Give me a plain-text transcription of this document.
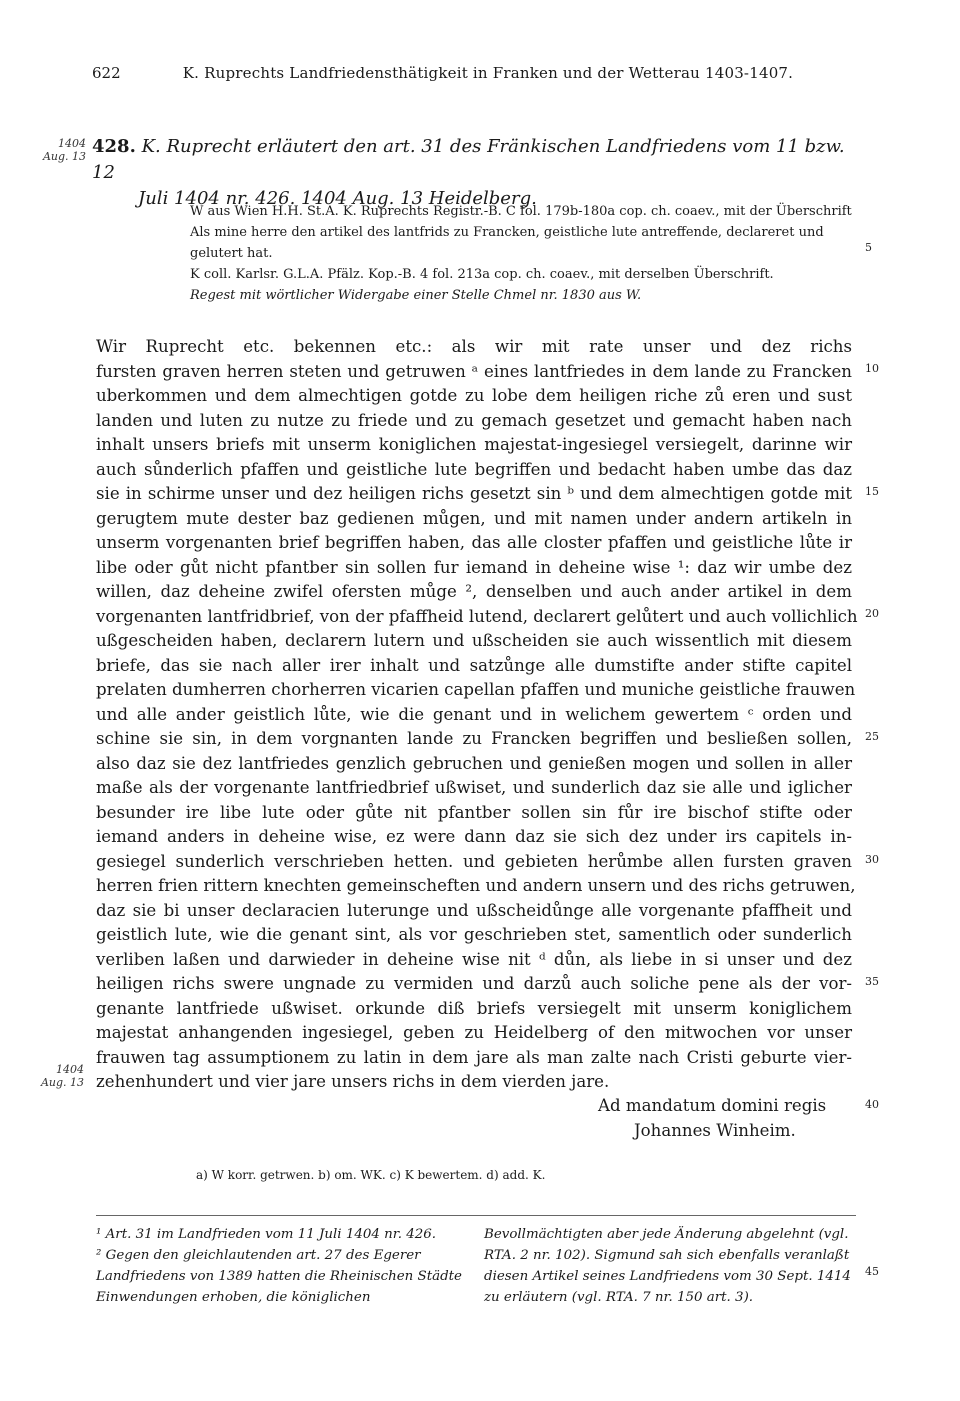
622	K. Ruprechts Landfriedensthätigkeit in Franken und der Wetterau 1403-1407.
1404
Aug. 13 428. K. Ruprecht erläutert den art. 31 des Fränkischen Landfriedens vom 11 bzw. 12
Juli 1404 nr. 426. 1404 Aug. 13 Heidelberg.

W aus Wien H.H. St.A. K. Ruprechts Registr.-B. C fol. 179b-180a cop. ch. coaev., mit der Überschrift Als mine herre den artikel des lantfrids zu Francken, geistliche lute antreffende, declareret und gelutert hat.

K coll. Karlsr. G.L.A. Pfälz. Kop.-B. 4 fol. 213a cop. ch. coaev., mit derselben Überschrift.

Regest mit wörtlicher Widergabe einer Stelle Chmel nr. 1830 aus W.

Wir Ruprecht etc. bekennen etc.: als wir mit rate unser und dez richs
fursten graven herren steten und getruwen ᵃ eines lantfriedes in dem lande zu Francken
uberkommen und dem almechtigen gotde zu lobe dem heiligen riche zů eren und sust
landen und luten zu nutze zu friede und zu gemach gesetzet und gemacht haben nach
inhalt unsers briefs mit unserm koniglichen majestat-ingesiegel versiegelt, darinne wir
auch sůnderlich pfaffen und geistliche lute begriffen und bedacht haben umbe das daz
sie in schirme unser und dez heiligen richs gesetzt sin ᵇ und dem almechtigen gotde mit
gerugtem mute dester baz gedienen můgen, und mit namen under andern artikeln in
unserm vorgenanten brief begriffen haben, das alle closter pfaffen und geistliche lůte ir
libe oder gůt nicht pfantber sin sollen fur iemand in deheine wise ¹: daz wir umbe dez
willen, daz deheine zwifel ofersten můge ², denselben und auch ander artikel in dem
vorgenanten lantfridbrief, von der pfaffheid lutend, declarert gelůtert und auch vollichlich
ußgescheiden haben, declarern lutern und ußscheiden sie auch wissentlich mit diesem
briefe, das sie nach aller irer inhalt und satzůnge alle dumstifte ander stifte capitel
prelaten dumherren chorherren vicarien capellan pfaffen und muniche geistliche frauwen
und alle ander geistlich lůte, wie die genant und in welichem gewertem ᶜ orden und
schine sie sin, in dem vorgnanten lande zu Francken begriffen und besließen sollen,
also daz sie dez lantfriedes genzlich gebruchen und genießen mogen und sollen in aller
maße als der vorgenante lantfriedbrief ußwiset, und sunderlich daz sie alle und iglicher
besunder ire libe lute oder gůte nit pfantber sollen sin fůr ire bischof stifte oder
iemand anders in deheine wise, ez were dann daz sie sich dez under irs capitels in-
gesiegel sunderlich verschrieben hetten. und gebieten herůmbe allen fursten graven
herren frien rittern knechten gemeinscheften und andern unsern und des richs getruwen,
daz sie bi unser declaracien luterunge und ußscheidůnge alle vorgenante pfaffheit und
geistlich lute, wie die genant sint, als vor geschrieben stet, samentlich oder sunderlich
verliben laßen und darwieder in deheine wise nit ᵈ důn, als liebe in si unser und dez
heiligen richs swere ungnade zu vermiden und darzů auch soliche pene als der vor-
genante lantfriede ußwiset. orkunde diß briefs versiegelt mit unserm koniglichem
majestat anhangenden ingesiegel, geben zu Heidelberg of den mitwochen vor unser
frauwen tag assumptionem zu latin in dem jare als man zalte nach Cristi geburte vier-
zehenhundert und vier jare unsers richs in dem vierden jare.
1404
Aug. 13
Ad mandatum domini regis
Johannes Winheim.
5
10
15
20
25
30
35
40
45
a) W korr. getrwen. b) om. WK. c) K bewertem. d) add. K.
¹ Art. 31 im Landfrieden vom 11 Juli 1404 nr. 426.
² Gegen den gleichlautenden art. 27 des Egerer Landfriedens von 1389 hatten die Rheinischen Städte Einwendungen erhoben, die königlichen
Bevollmächtigten aber jede Änderung abgelehnt (vgl. RTA. 2 nr. 102). Sigmund sah sich ebenfalls veranlaßt diesen Artikel seines Landfriedens vom 30 Sept. 1414 zu erläutern (vgl. RTA. 7 nr. 150 art. 3).
